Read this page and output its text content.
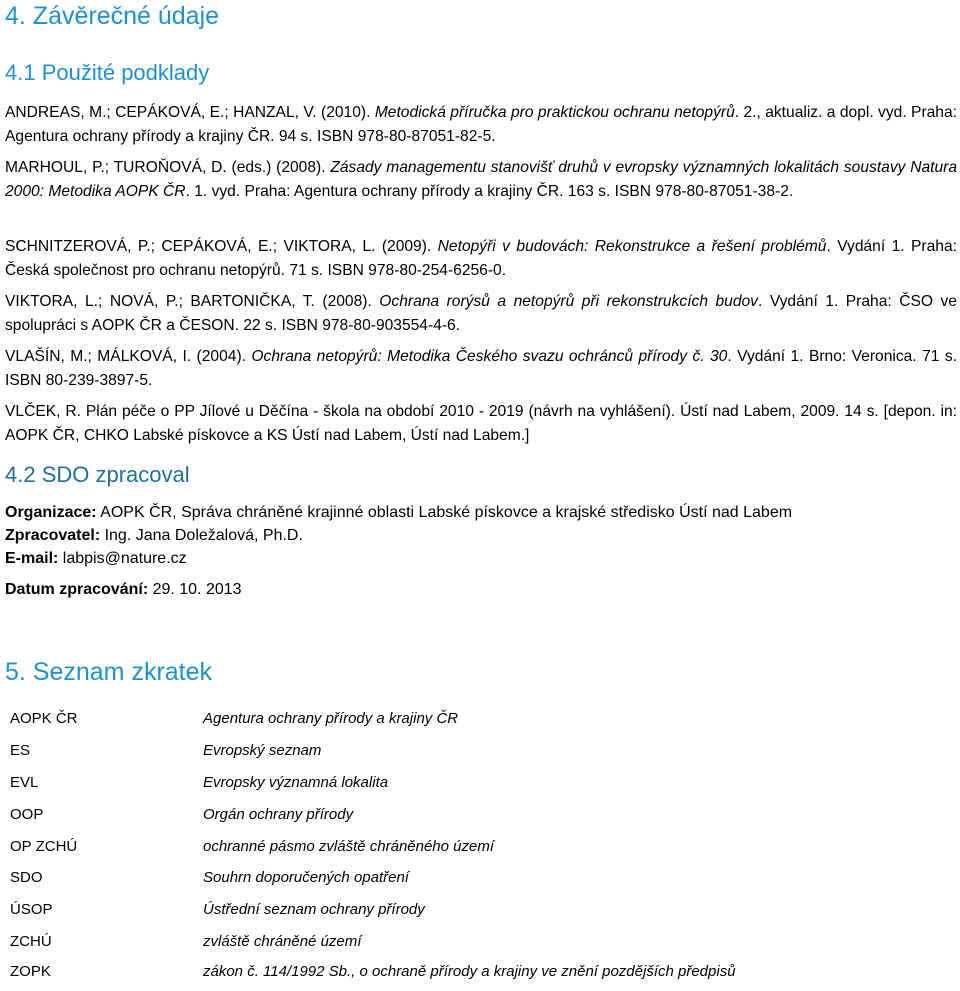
4. Závěrečné údaje
4.1 Použité podklady

ANDREAS, M.; CEPÁKOVÁ, E.; HANZAL, V. (2010). Metodická příručka pro praktickou ochranu netopýrů. 2., aktualiz. a dopl. vyd. Praha: Agentura ochrany přírody a krajiny ČR. 94 s. ISBN 978-80-87051-82-5.

MARHOUL, P.; TUROŇOVÁ, D. (eds.) (2008). Zásady managementu stanovišť druhů v evropsky významných lokalitách soustavy Natura 2000: Metodika AOPK ČR. 1. vyd. Praha: Agentura ochrany přírody a krajiny ČR. 163 s. ISBN 978-80-87051-38-2.

SCHNITZEROVÁ, P.; CEPÁKOVÁ, E.; VIKTORA, L. (2009). Netopýři v budovách: Rekonstrukce a řešení problémů. Vydání 1. Praha: Česká společnost pro ochranu netopýrů. 71 s. ISBN 978-80-254-6256-0.

VIKTORA, L.; NOVÁ, P.; BARTONIČKA, T. (2008). Ochrana rorýsů a netopýrů při rekonstrukcích budov. Vydání 1. Praha: ČSO ve spolupráci s AOPK ČR a ČESON. 22 s. ISBN 978-80-903554-4-6.

VLAŠÍN, M.; MÁLKOVÁ, I. (2004). Ochrana netopýrů: Metodika Českého svazu ochránců přírody č. 30. Vydání 1. Brno: Veronica. 71 s. ISBN 80-239-3897-5.

VLČEK, R. Plán péče o PP Jílové u Děčína - škola na období 2010 - 2019 (návrh na vyhlášení). Ústí nad Labem, 2009. 14 s. [depon. in: AOPK ČR, CHKO Labské pískovce a KS Ústí nad Labem, Ústí nad Labem.]

4.2 SDO zpracoval

Organizace: AOPK ČR, Správa chráněné krajinné oblasti Labské pískovce a krajské středisko Ústí nad Labem

Zpracovatel: Ing. Jana Doležalová, Ph.D.

E-mail: labpis@nature.cz

Datum zpracování: 29. 10. 2013

5. Seznam zkratek
AOPK ČR	Agentura ochrany přírody a krajiny ČR
ES	Evropský seznam
EVL	Evropsky významná lokalita
OOP	Orgán ochrany přírody
OP ZCHÚ	ochranné pásmo zvláště chráněného území
SDO	Souhrn doporučených opatření
ÚSOP	Ústřední seznam ochrany přírody
ZCHÚ	zvláště chráněné území
ZOPK	zákon č. 114/1992 Sb., o ochraně přírody a krajiny ve znění pozdějších předpisů
